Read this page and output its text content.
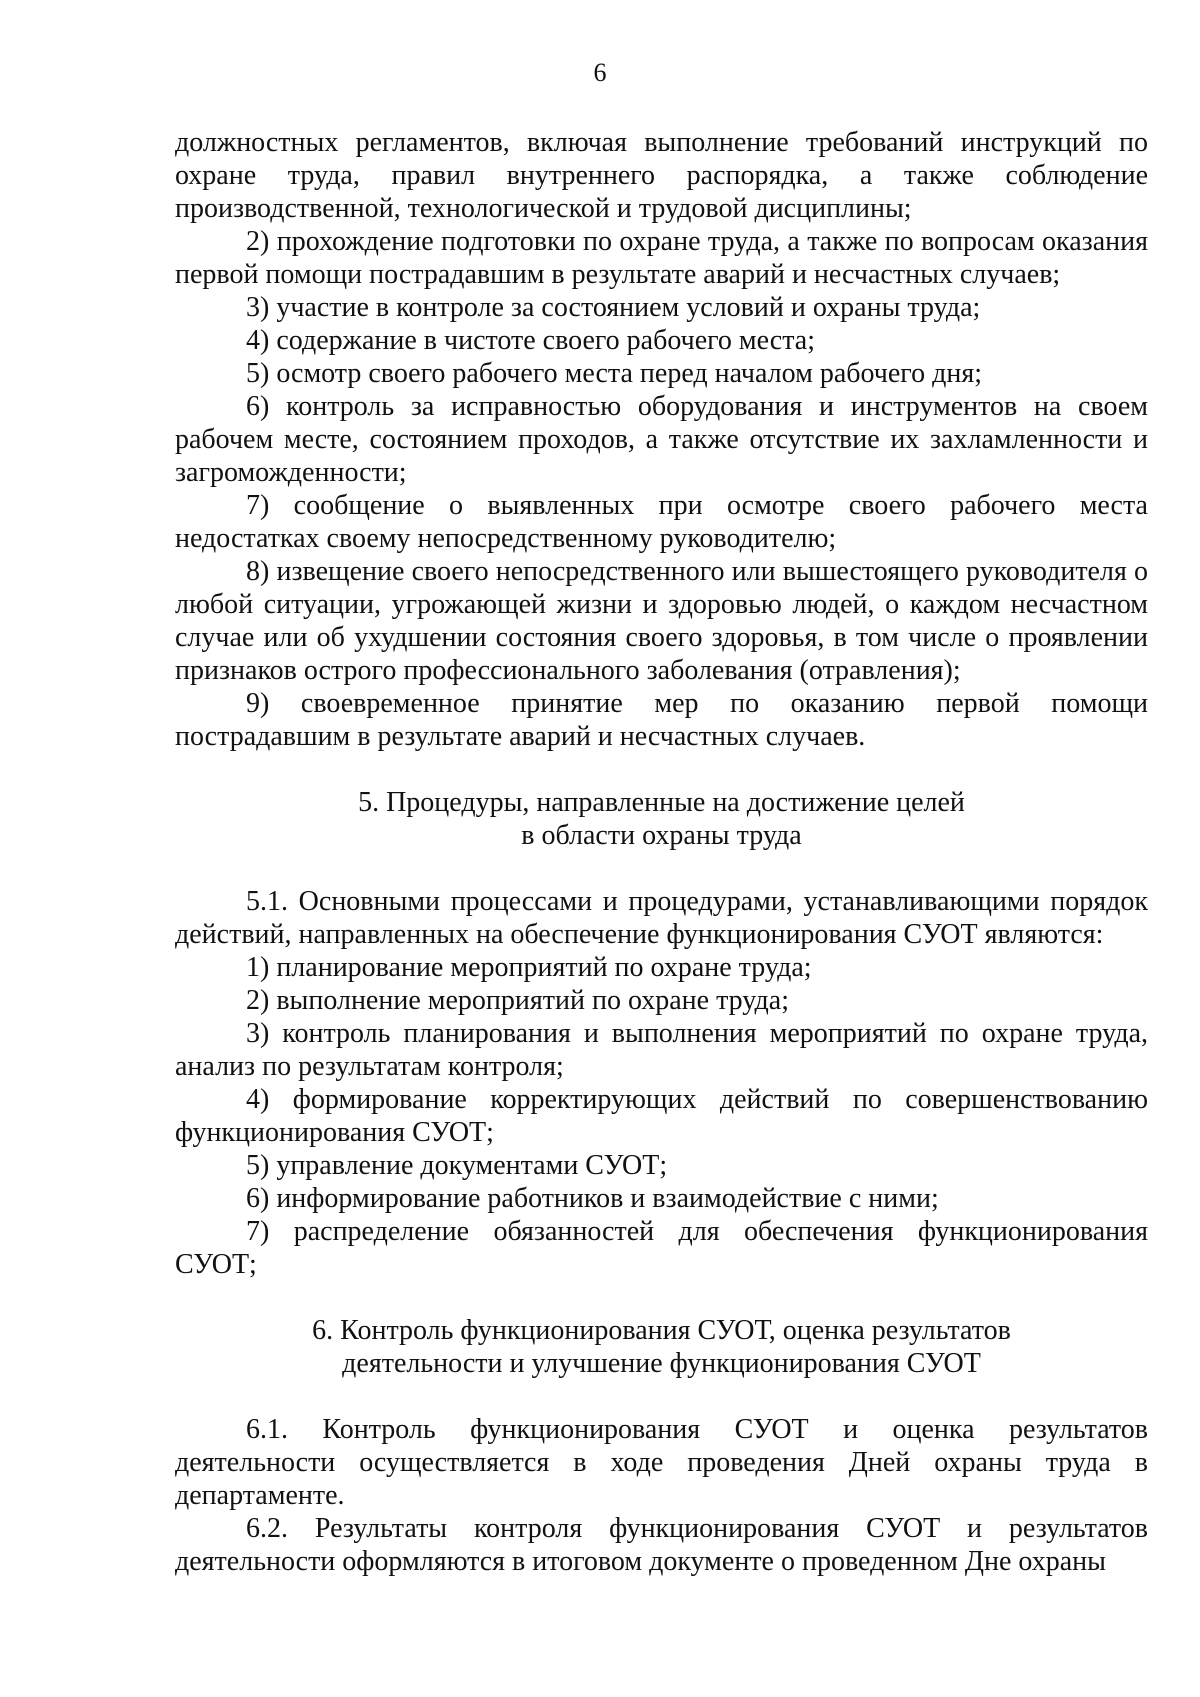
6

должностных регламентов, включая выполнение требований инструкций по охране труда, правил внутреннего распорядка, а также соблюдение производственной, технологической и трудовой дисциплины;

2) прохождение подготовки по охране труда, а также по вопросам оказания первой помощи пострадавшим в результате аварий и несчастных случаев;

3) участие в контроле за состоянием условий и охраны труда;

4) содержание в чистоте своего рабочего места;

5) осмотр своего рабочего места перед началом рабочего дня;

6) контроль за исправностью оборудования и инструментов на своем рабочем месте, состоянием проходов, а также отсутствие их захламленности и загроможденности;

7) сообщение о выявленных при осмотре своего рабочего места недостатках своему непосредственному руководителю;

8) извещение своего непосредственного или вышестоящего руководителя о любой ситуации, угрожающей жизни и здоровью людей, о каждом несчастном случае или об ухудшении состояния своего здоровья, в том числе о проявлении признаков острого профессионального заболевания (отравления);

9) своевременное принятие мер по оказанию первой помощи пострадавшим в результате аварий и несчастных случаев.

5. Процедуры, направленные на достижение целей
в области охраны труда

5.1. Основными процессами и процедурами, устанавливающими порядок действий, направленных на обеспечение функционирования СУОТ являются:

1) планирование мероприятий по охране труда;

2) выполнение мероприятий по охране труда;

3) контроль планирования и выполнения мероприятий по охране труда, анализ по результатам контроля;

4) формирование корректирующих действий по совершенствованию функционирования СУОТ;

5) управление документами СУОТ;

6) информирование работников и взаимодействие с ними;

7) распределение обязанностей для обеспечения функционирования СУОТ;

6. Контроль функционирования СУОТ, оценка результатов
деятельности и улучшение функционирования СУОТ

6.1. Контроль функционирования СУОТ и оценка результатов деятельности осуществляется в ходе проведения Дней охраны труда в департаменте.

6.2. Результаты контроля функционирования СУОТ и результатов деятельности оформляются в итоговом документе о проведенном Дне охраны
